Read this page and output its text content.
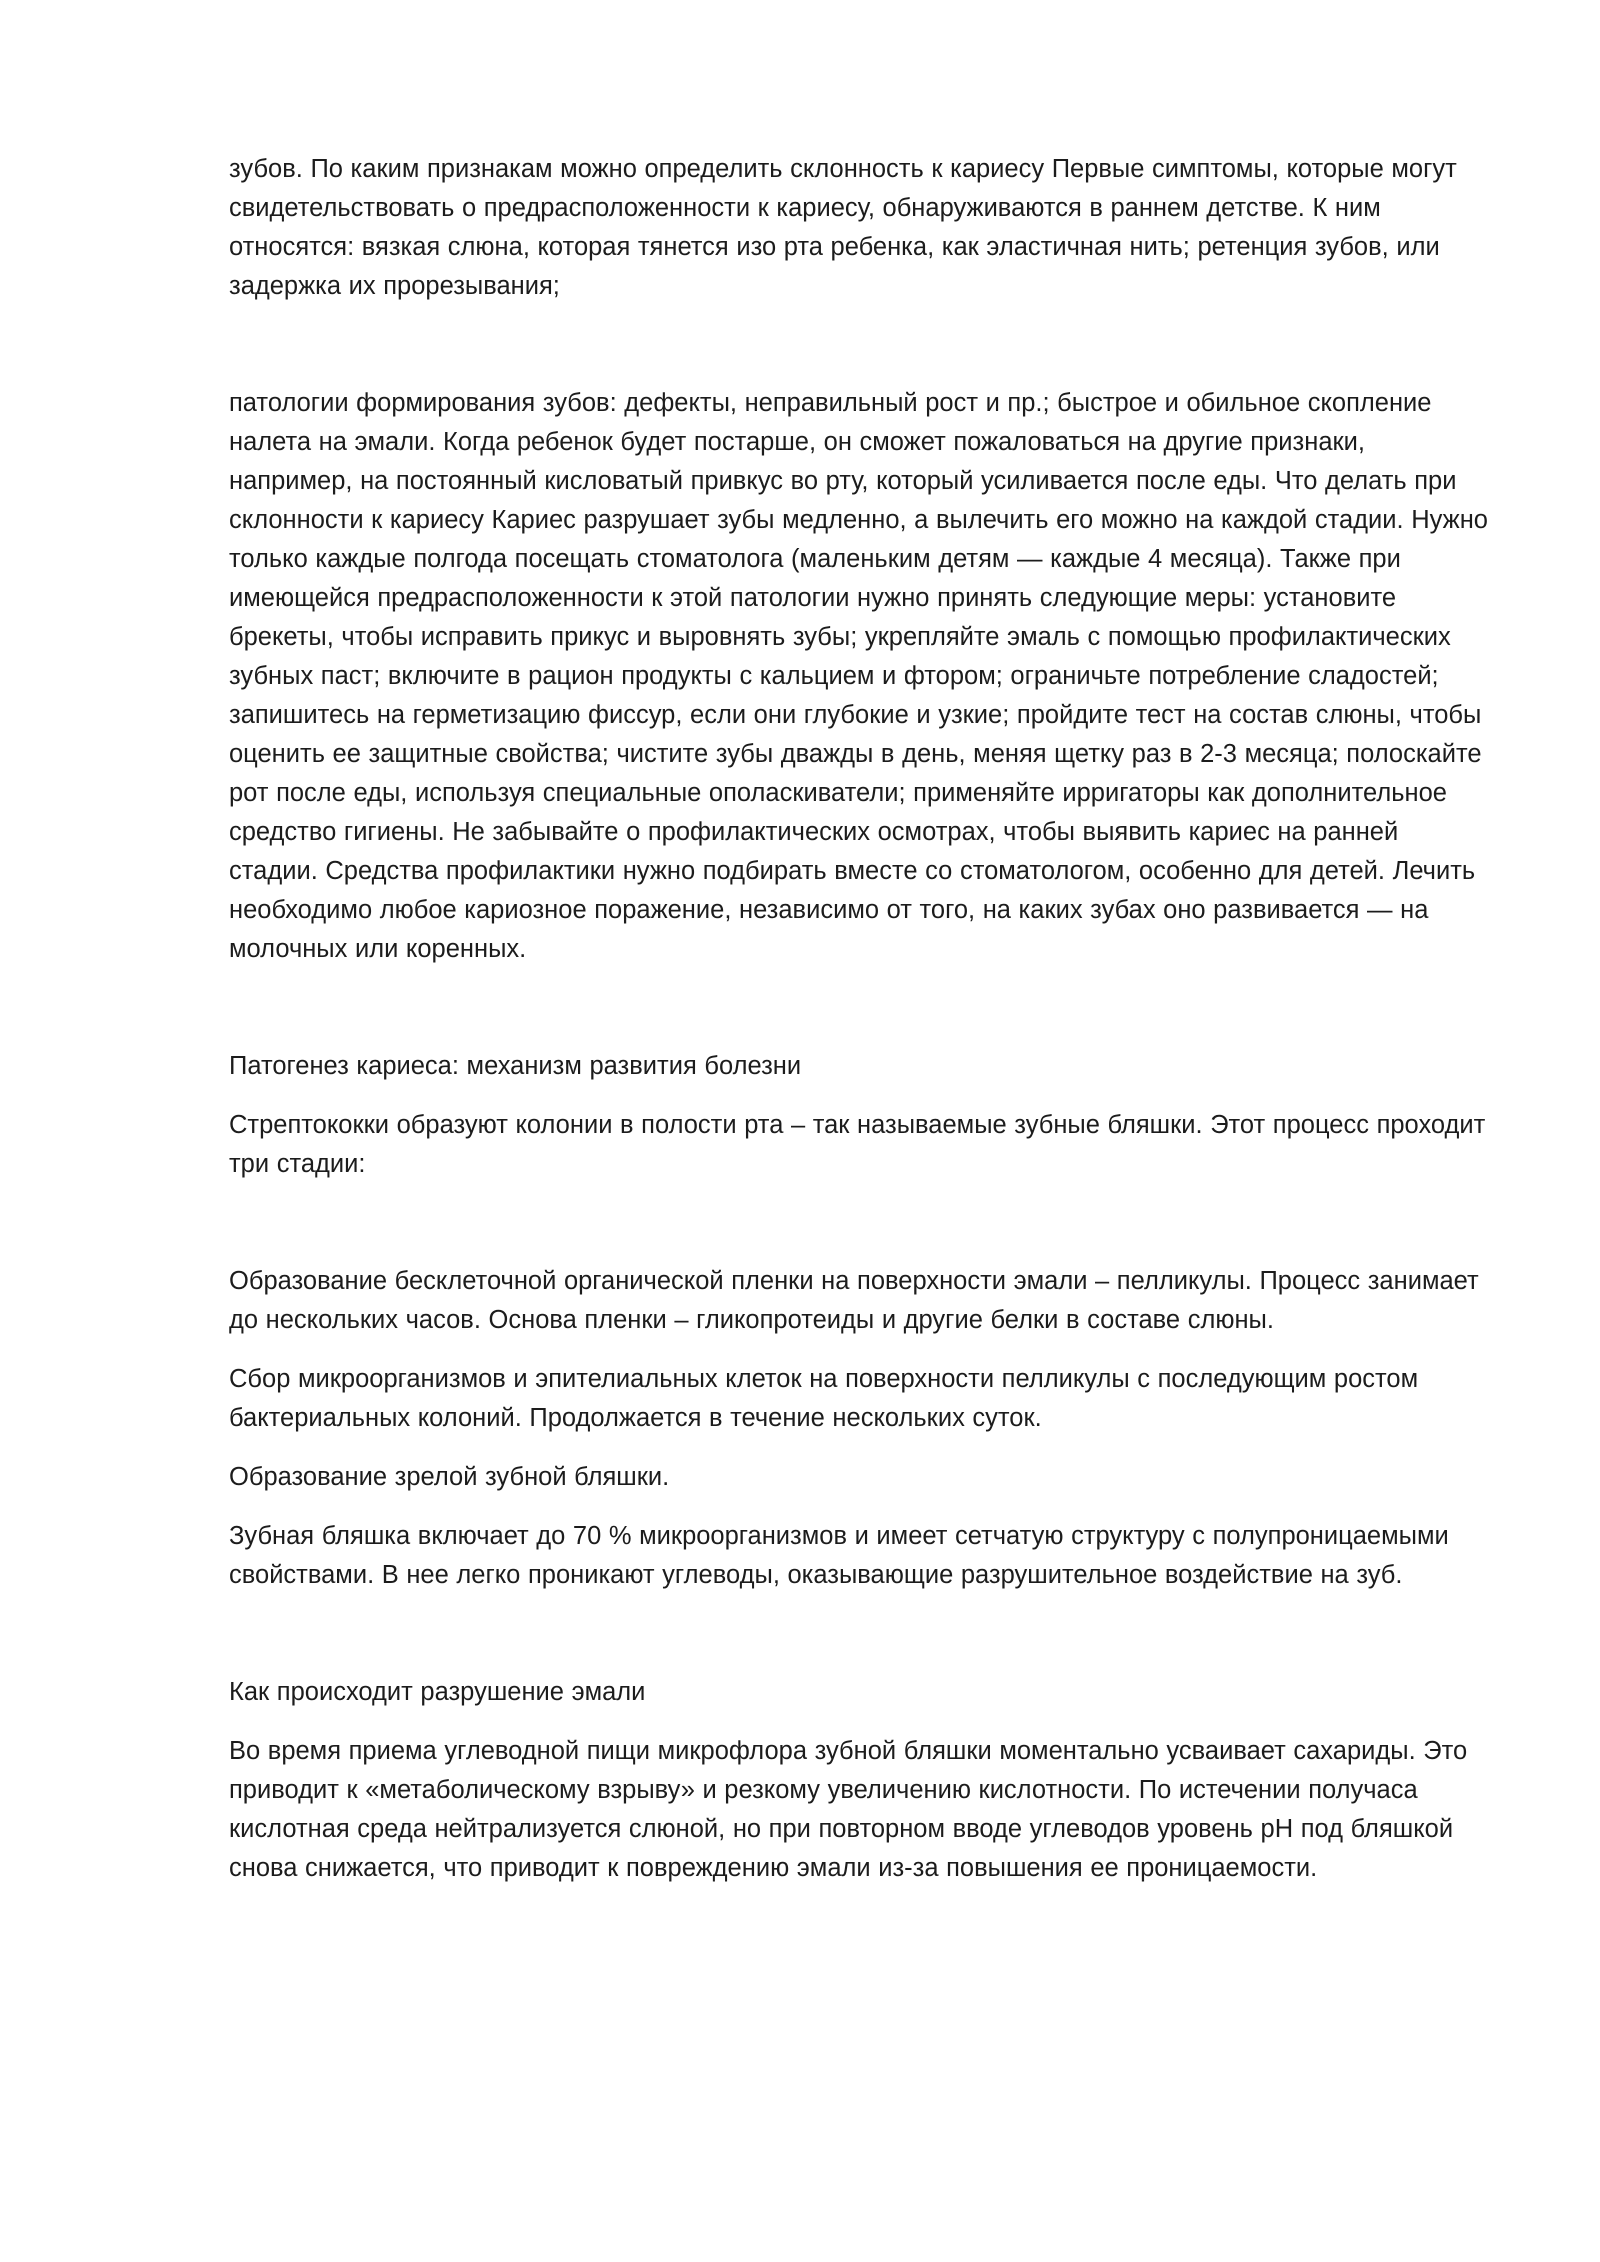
зубов. По каким признакам можно определить склонность к кариесу Первые симптомы, которые могут свидетельствовать о предрасположенности к кариесу, обнаруживаются в раннем детстве. К ним относятся: вязкая слюна, которая тянется изо рта ребенка, как эластичная нить; ретенция зубов, или задержка их прорезывания;

патологии формирования зубов: дефекты, неправильный рост и пр.; быстрое и обильное скопление налета на эмали. Когда ребенок будет постарше, он сможет пожаловаться на другие признаки, например, на постоянный кисловатый привкус во рту, который усиливается после еды. Что делать при склонности к кариесу Кариес разрушает зубы медленно, а вылечить его можно на каждой стадии. Нужно только каждые полгода посещать стоматолога (маленьким детям — каждые 4 месяца). Также при имеющейся предрасположенности к этой патологии нужно принять следующие меры: установите брекеты, чтобы исправить прикус и выровнять зубы; укрепляйте эмаль с помощью профилактических зубных паст; включите в рацион продукты с кальцием и фтором; ограничьте потребление сладостей; запишитесь на герметизацию фиссур, если они глубокие и узкие; пройдите тест на состав слюны, чтобы оценить ее защитные свойства; чистите зубы дважды в день, меняя щетку раз в 2-3 месяца; полоскайте рот после еды, используя специальные ополаскиватели; применяйте ирригаторы как дополнительное средство гигиены. Не забывайте о профилактических осмотрах, чтобы выявить кариес на ранней стадии. Средства профилактики нужно подбирать вместе со стоматологом, особенно для детей. Лечить необходимо любое кариозное поражение, независимо от того, на каких зубах оно развивается — на молочных или коренных.

Патогенез кариеса: механизм развития болезни

Стрептококки образуют колонии в полости рта – так называемые зубные бляшки. Этот процесс проходит три стадии:

Образование бесклеточной органической пленки на поверхности эмали – пелликулы. Процесс занимает до нескольких часов. Основа пленки – гликопротеиды и другие белки в составе слюны.

Сбор микроорганизмов и эпителиальных клеток на поверхности пелликулы с последующим ростом бактериальных колоний. Продолжается в течение нескольких суток.

Образование зрелой зубной бляшки.

Зубная бляшка включает до 70 % микроорганизмов и имеет сетчатую структуру с полупроницаемыми свойствами. В нее легко проникают углеводы, оказывающие разрушительное воздействие на зуб.

Как происходит разрушение эмали

Во время приема углеводной пищи микрофлора зубной бляшки моментально усваивает сахариды. Это приводит к «метаболическому взрыву» и резкому увеличению кислотности. По истечении получаса кислотная среда нейтрализуется слюной, но при повторном вводе углеводов уровень рН под бляшкой снова снижается, что приводит к повреждению эмали из-за повышения ее проницаемости.
